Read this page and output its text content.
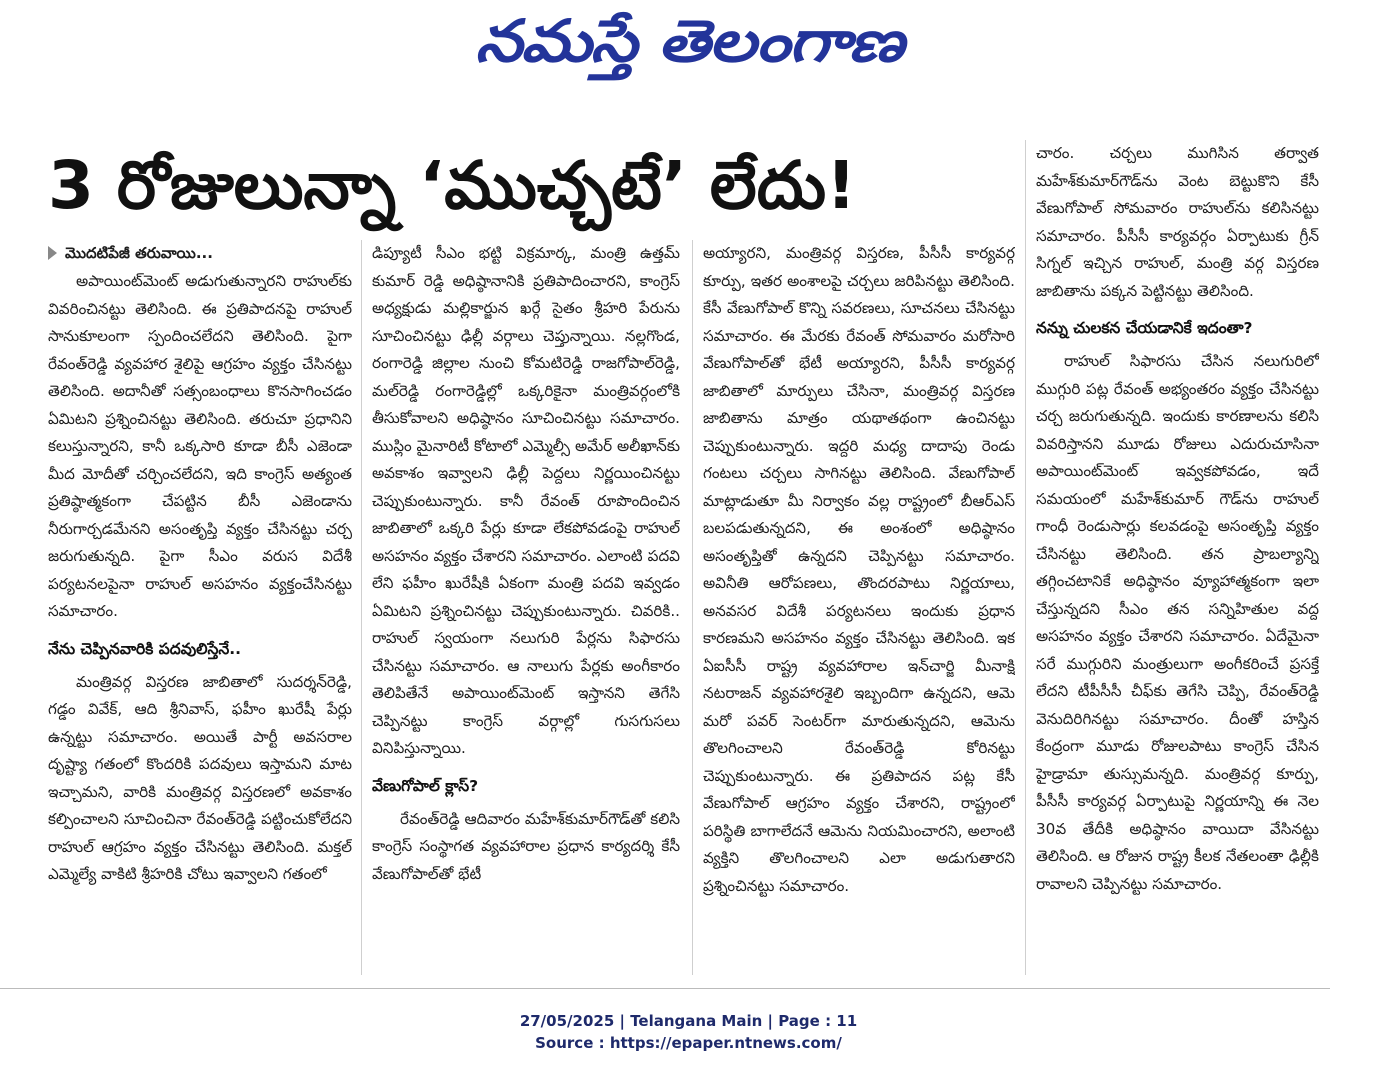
నమస్తే తెలంగాణ
3 రోజులున్నా ‘ముచ్చటే’ లేదు!
మొదటిపేజీ తరువాయి...

అపాయింట్‌మెంట్ అడుగుతున్నారని రాహుల్‌కు వివరించినట్టు తెలిసింది. ఈ ప్రతిపాదనపై రాహుల్ సానుకూలంగా స్పందించలేదని తెలిసింది. పైగా రేవంత్‌రెడ్డి వ్యవహార శైలిపై ఆగ్రహం వ్యక్తం చేసినట్టు తెలిసింది. అదానీతో సత్సంబంధాలు కొనసాగించడం ఏమిటని ప్రశ్నించినట్టు తెలిసింది. తరుచూ ప్రధానిని కలుస్తున్నారని, కానీ ఒక్కసారి కూడా బీసీ ఎజెండా మీద మోదీతో చర్చించలేదని, ఇది కాంగ్రెస్ అత్యంత ప్రతిష్ఠాత్మకంగా చేపట్టిన బీసీ ఎజెండాను నీరుగార్చడమేనని అసంతృప్తి వ్యక్తం చేసినట్టు చర్చ జరుగుతున్నది. పైగా సీఎం వరుస విదేశీ పర్యటనలపైనా రాహుల్ అసహనం వ్యక్తంచేసినట్టు సమాచారం.

నేను చెప్పినవారికి పదవులిస్తేనే..

మంత్రివర్గ విస్తరణ జాబితాలో సుదర్శన్‌రెడ్డి, గడ్డం వివేక్, ఆది శ్రీనివాస్, ఫహీం ఖురేషీ పేర్లు ఉన్నట్టు సమాచారం. అయితే పార్టీ అవసరాల దృష్ట్యా గతంలో కొందరికి పదవులు ఇస్తామని మాట ఇచ్చామని, వారికి మంత్రివర్గ విస్తరణలో అవకాశం కల్పించాలని సూచించినా రేవంత్‌రెడ్డి పట్టించుకోలేదని రాహుల్ ఆగ్రహం వ్యక్తం చేసినట్టు తెలిసింది. మక్తల్ ఎమ్మెల్యే వాకిటి శ్రీహరికి చోటు ఇవ్వాలని గతంలో

డిప్యూటీ సీఎం భట్టి విక్రమార్క, మంత్రి ఉత్తమ్ కుమార్ రెడ్డి అధిష్ఠానానికి ప్రతిపాదించారని, కాంగ్రెస్ అధ్యక్షుడు మల్లికార్జున ఖర్గే సైతం శ్రీహరి పేరును సూచించినట్టు ఢిల్లీ వర్గాలు చెప్తున్నాయి. నల్లగొండ, రంగారెడ్డి జిల్లాల నుంచి కోమటిరెడ్డి రాజగోపాల్‌రెడ్డి, మల్‌రెడ్డి రంగారెడ్డిల్లో ఒక్కరికైనా మంత్రివర్గంలోకి తీసుకోవాలని అధిష్ఠానం సూచించినట్టు సమాచారం. ముస్లిం మైనారిటీ కోటాలో ఎమ్మెల్సీ అమేర్ అలీఖాన్‌కు అవకాశం ఇవ్వాలని ఢిల్లీ పెద్దలు నిర్ణయించినట్టు చెప్పుకుంటున్నారు. కానీ రేవంత్ రూపొందించిన జాబితాలో ఒక్కరి పేర్లు కూడా లేకపోవడంపై రాహుల్ అసహనం వ్యక్తం చేశారని సమాచారం. ఎలాంటి పదవి లేని ఫహీం ఖురేషీకి ఏకంగా మంత్రి పదవి ఇవ్వడం ఏమిటని ప్రశ్నించినట్టు చెప్పుకుంటున్నారు. చివరికి.. రాహుల్ స్వయంగా నలుగురి పేర్లను సిఫారసు చేసినట్టు సమాచారం. ఆ నాలుగు పేర్లకు అంగీకారం తెలిపితేనే అపాయింట్‌మెంట్ ఇస్తానని తెగేసి చెప్పినట్టు కాంగ్రెస్ వర్గాల్లో గుసగుసలు వినిపిస్తున్నాయి.

వేణుగోపాల్ క్లాస్?

రేవంత్‌రెడ్డి ఆదివారం మహేశ్‌కుమార్‌గౌడ్‌తో కలిసి కాంగ్రెస్ సంస్థాగత వ్యవహారాల ప్రధాన కార్యదర్శి కేసీ వేణుగోపాల్‌తో భేటీ

అయ్యారని, మంత్రివర్గ విస్తరణ, పీసీసీ కార్యవర్గ కూర్పు, ఇతర అంశాలపై చర్చలు జరిపినట్టు తెలిసింది. కేసీ వేణుగోపాల్ కొన్ని సవరణలు, సూచనలు చేసినట్టు సమాచారం. ఈ మేరకు రేవంత్ సోమవారం మరోసారి వేణుగోపాల్‌తో భేటీ అయ్యారని, పీసీసీ కార్యవర్గ జాబితాలో మార్పులు చేసినా, మంత్రివర్గ విస్తరణ జాబితాను మాత్రం యథాతథంగా ఉంచినట్టు చెప్పుకుంటున్నారు. ఇద్దరి మధ్య దాదాపు రెండు గంటలు చర్చలు సాగినట్టు తెలిసింది. వేణుగోపాల్ మాట్లాడుతూ మీ నిర్వాకం వల్ల రాష్ట్రంలో బీఆర్‌ఎస్ బలపడుతున్నదని, ఈ అంశంలో అధిష్ఠానం అసంతృప్తితో ఉన్నదని చెప్పినట్టు సమాచారం. అవినీతి ఆరోపణలు, తొందరపాటు నిర్ణయాలు, అనవసర విదేశీ పర్యటనలు ఇందుకు ప్రధాన కారణమని అసహనం వ్యక్తం చేసినట్టు తెలిసింది. ఇక ఏఐసీసీ రాష్ట్ర వ్యవహారాల ఇన్‌చార్జి మీనాక్షి నటరాజన్ వ్యవహారశైలి ఇబ్బందిగా ఉన్నదని, ఆమె మరో పవర్ సెంటర్‌గా మారుతున్నదని, ఆమెను తొలగించాలని రేవంత్‌రెడ్డి కోరినట్టు చెప్పుకుంటున్నారు. ఈ ప్రతిపాదన పట్ల కేసీ వేణుగోపాల్ ఆగ్రహం వ్యక్తం చేశారని, రాష్ట్రంలో పరిస్థితి బాగాలేదనే ఆమెను నియమించారని, అలాంటి వ్యక్తిని తొలగించాలని ఎలా అడుగుతారని ప్రశ్నించినట్టు సమాచారం.

చారం. చర్చలు ముగిసిన తర్వాత మహేశ్‌కుమార్‌గౌడ్‌ను వెంట బెట్టుకొని కేసీ వేణుగోపాల్ సోమవారం రాహుల్‌ను కలిసినట్టు సమాచారం. పీసీసీ కార్యవర్గం ఏర్పాటుకు గ్రీన్ సిగ్నల్ ఇచ్చిన రాహుల్, మంత్రి వర్గ విస్తరణ జాబితాను పక్కన పెట్టినట్టు తెలిసింది.

నన్ను చులకన చేయడానికే ఇదంతా?

రాహుల్ సిఫారసు చేసిన నలుగురిలో ముగ్గురి పట్ల రేవంత్ అభ్యంతరం వ్యక్తం చేసినట్టు చర్చ జరుగుతున్నది. ఇందుకు కారణాలను కలిసి వివరిస్తానని మూడు రోజులు ఎదురుచూసినా అపాయింట్‌మెంట్ ఇవ్వకపోవడం, ఇదే సమయంలో మహేశ్‌కుమార్ గౌడ్‌ను రాహుల్ గాంధీ రెండుసార్లు కలవడంపై అసంతృప్తి వ్యక్తం చేసినట్టు తెలిసింది. తన ప్రాబల్యాన్ని తగ్గించటానికే అధిష్ఠానం వ్యూహాత్మకంగా ఇలా చేస్తున్నదని సీఎం తన సన్నిహితుల వద్ద అసహనం వ్యక్తం చేశారని సమాచారం. ఏదేమైనా సరే ముగ్గురిని మంత్రులుగా అంగీకరించే ప్రసక్తే లేదని టీపీసీసీ చీఫ్‌కు తెగేసి చెప్పి, రేవంత్‌రెడ్డి వెనుదిరిగినట్టు సమాచారం. దీంతో హస్తిన కేంద్రంగా మూడు రోజులపాటు కాంగ్రెస్ చేసిన హైడ్రామా తుస్సుమన్నది. మంత్రివర్గ కూర్పు, పీసీసీ కార్యవర్గ ఏర్పాటుపై నిర్ణయాన్ని ఈ నెల 30వ తేదీకి అధిష్ఠానం వాయిదా వేసినట్టు తెలిసింది. ఆ రోజున రాష్ట్ర కీలక నేతలంతా ఢిల్లీకి రావాలని చెప్పినట్టు సమాచారం.

27/05/2025 | Telangana Main | Page : 11
Source : https://epaper.ntnews.com/
